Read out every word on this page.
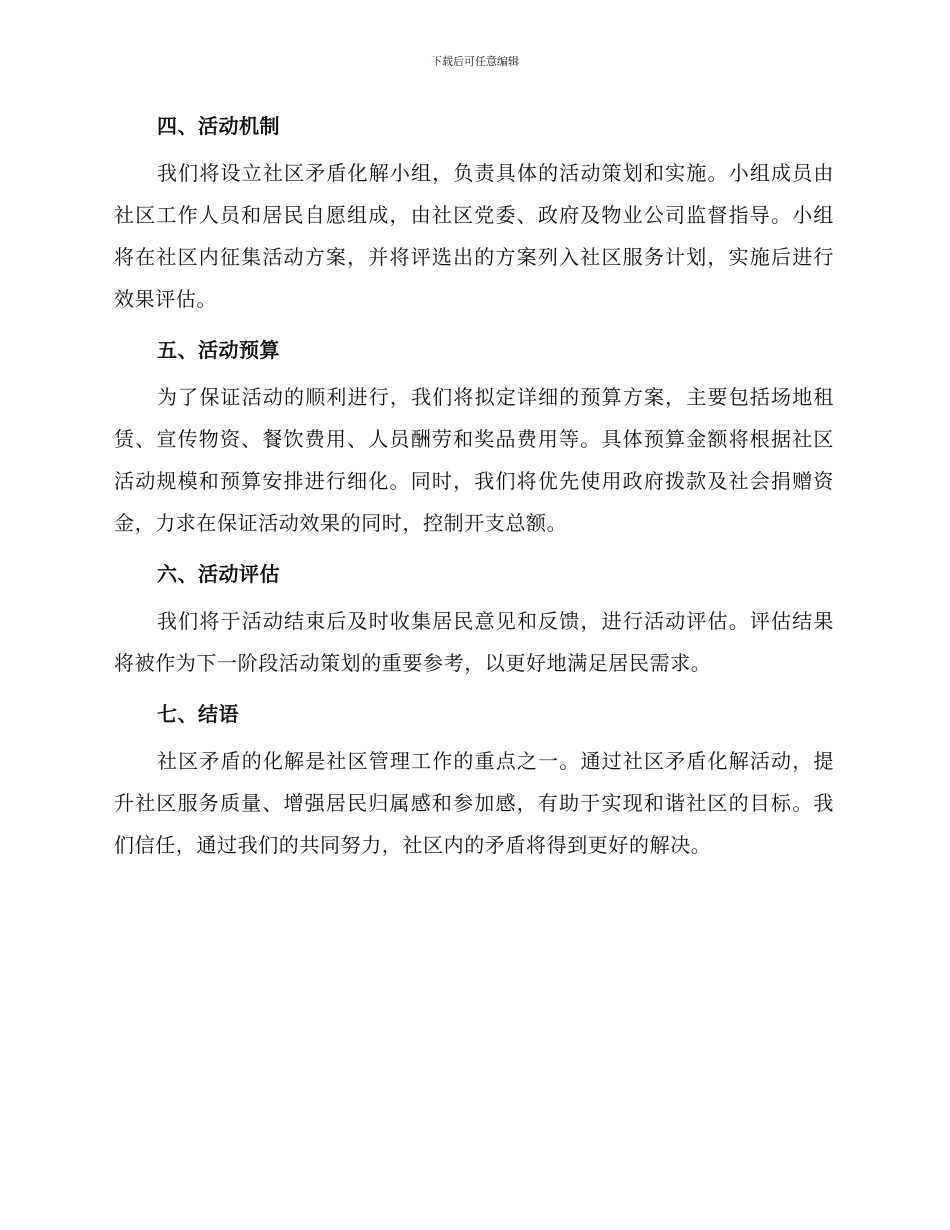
下载后可任意编辑
四、活动机制

我们将设立社区矛盾化解小组，负责具体的活动策划和实施。小组成员由社区工作人员和居民自愿组成，由社区党委、政府及物业公司监督指导。小组将在社区内征集活动方案，并将评选出的方案列入社区服务计划，实施后进行效果评估。

五、活动预算

为了保证活动的顺利进行，我们将拟定详细的预算方案，主要包括场地租赁、宣传物资、餐饮费用、人员酬劳和奖品费用等。具体预算金额将根据社区活动规模和预算安排进行细化。同时，我们将优先使用政府拨款及社会捐赠资金，力求在保证活动效果的同时，控制开支总额。

六、活动评估

我们将于活动结束后及时收集居民意见和反馈，进行活动评估。评估结果将被作为下一阶段活动策划的重要参考，以更好地满足居民需求。

七、结语

社区矛盾的化解是社区管理工作的重点之一。通过社区矛盾化解活动，提升社区服务质量、增强居民归属感和参加感，有助于实现和谐社区的目标。我们信任，通过我们的共同努力，社区内的矛盾将得到更好的解决。
